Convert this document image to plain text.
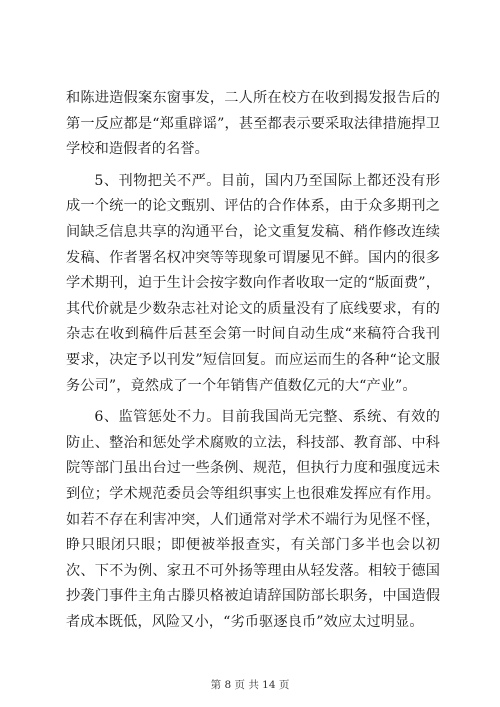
和陈进造假案东窗事发，二人所在校方在收到揭发报告后的第一反应都是“郑重辟谣”，甚至都表示要采取法律措施捍卫学校和造假者的名誉。

5、刊物把关不严。目前，国内乃至国际上都还没有形成一个统一的论文甄别、评估的合作体系，由于众多期刊之间缺乏信息共享的沟通平台，论文重复发稿、稍作修改连续发稿、作者署名权冲突等等现象可谓屡见不鲜。国内的很多学术期刊，迫于生计会按字数向作者收取一定的“版面费”，其代价就是少数杂志社对论文的质量没有了底线要求，有的杂志在收到稿件后甚至会第一时间自动生成“来稿符合我刊要求，决定予以刊发”短信回复。而应运而生的各种“论文服务公司”，竟然成了一个年销售产值数亿元的大“产业”。

6、监管惩处不力。目前我国尚无完整、系统、有效的防止、整治和惩处学术腐败的立法，科技部、教育部、中科院等部门虽出台过一些条例、规范，但执行力度和强度远未到位；学术规范委员会等组织事实上也很难发挥应有作用。如若不存在利害冲突，人们通常对学术不端行为见怪不怪，睁只眼闭只眼；即便被举报查实，有关部门多半也会以初次、下不为例、家丑不可外扬等理由从轻发落。相较于德国抄袭门事件主角古滕贝格被迫请辞国防部长职务，中国造假者成本既低，风险又小，“劣币驱逐良币”效应太过明显。

第 8 页 共 14 页
